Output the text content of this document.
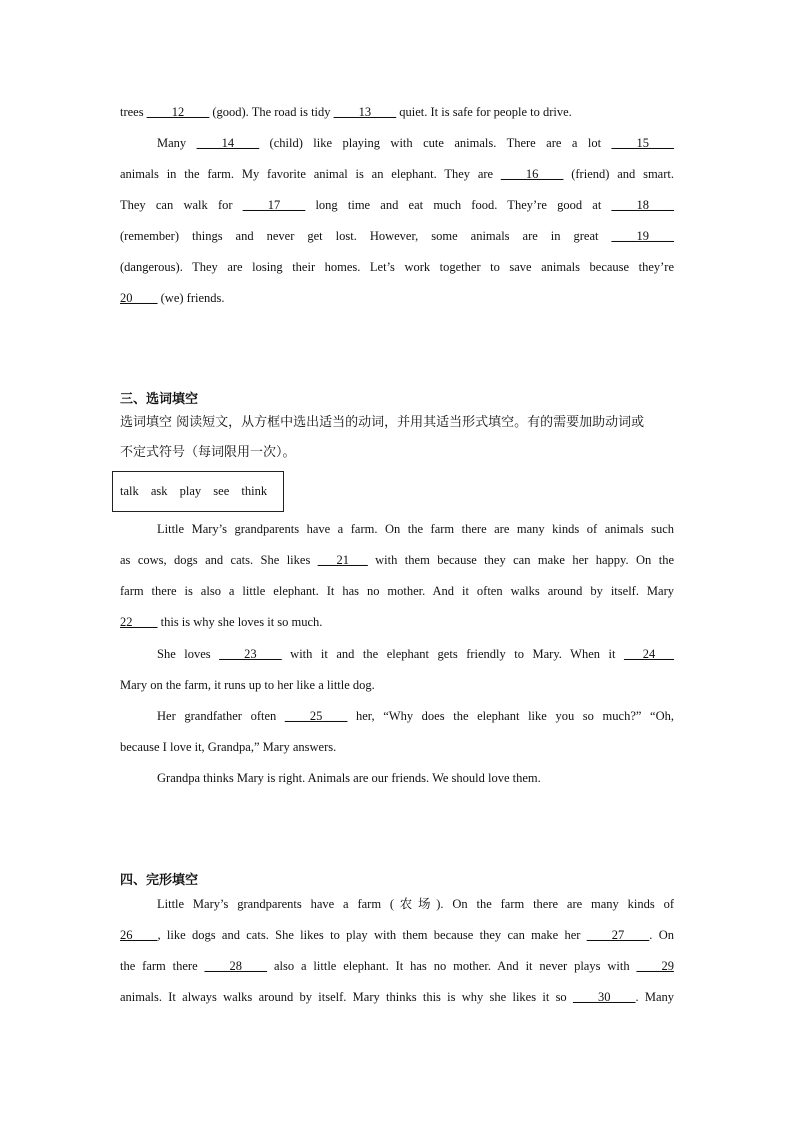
trees ____12____ (good). The road is tidy ____13____ quiet. It is safe for people to drive.
Many ____14____ (child) like playing with cute animals. There are a lot ____15____
animals in the farm. My favorite animal is an elephant. They are ____16____ (friend) and smart.
They can walk for ____17____ long time and eat much food. They’re good at ____18____
(remember) things and never get lost. However, some animals are in great ____19____
(dangerous). They are losing their homes. Let’s work together to save animals because they’re
20____ (we) friends.
三、选词填空
选词填空 阅读短文，从方框中选出适当的动词，并用其适当形式填空。有的需要加助动词或
不定式符号（每词限用一次）。
talk ask play see think
Little Mary’s grandparents have a farm. On the farm there are many kinds of animals such
as cows, dogs and cats. She likes ___21___ with them because they can make her happy. On the
farm there is also a little elephant. It has no mother. And it often walks around by itself. Mary
22____ this is why she loves it so much.
She loves ____23____ with it and the elephant gets friendly to Mary. When it ___24___
Mary on the farm, it runs up to her like a little dog.
Her grandfather often ____25____ her, “Why does the elephant like you so much?” “Oh,
because I love it, Grandpa,” Mary answers.
Grandpa thinks Mary is right. Animals are our friends. We should love them.
四、完形填空
Little Mary’s grandparents have a farm (农场). On the farm there are many kinds of
26____, like dogs and cats. She likes to play with them because they can make her ____27____. On
the farm there ____28____ also a little elephant. It has no mother. And it never plays with ____29
animals. It always walks around by itself. Mary thinks this is why she likes it so ____30____. Many
